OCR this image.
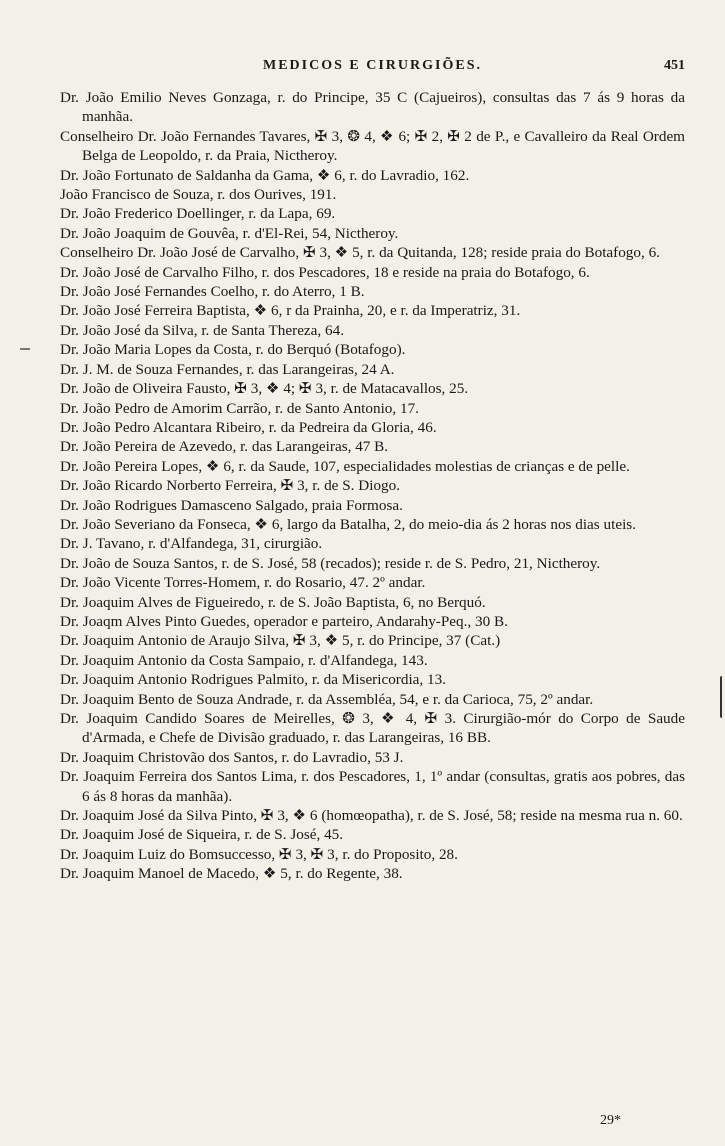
MEDICOS E CIRURGIÕES.	451
Dr. João Emilio Neves Gonzaga, r. do Principe, 35 C (Cajueiros), consultas das 7 ás 9 horas da manhãa.
Conselheiro Dr. João Fernandes Tavares, ✠ 3, ❂ 4, ❖ 6; ✠ 2, ✠ 2 de P., e Cavalleiro da Real Ordem Belga de Leopoldo, r. da Praia, Nictheroy.
Dr. João Fortunato de Saldanha da Gama, ❖ 6, r. do Lavradio, 162.
João Francisco de Souza, r. dos Ourives, 191.
Dr. João Frederico Doellinger, r. da Lapa, 69.
Dr. João Joaquim de Gouvêa, r. d'El-Rei, 54, Nictheroy.
Conselheiro Dr. João José de Carvalho, ✠ 3, ❖ 5, r. da Quitanda, 128; reside praia do Botafogo, 6.
Dr. João José de Carvalho Filho, r. dos Pescadores, 18 e reside na praia do Botafogo, 6.
Dr. João José Fernandes Coelho, r. do Aterro, 1 B.
Dr. João José Ferreira Baptista, ❖ 6, r da Prainha, 20, e r. da Imperatriz, 31.
Dr. João José da Silva, r. de Santa Thereza, 64.
Dr. João Maria Lopes da Costa, r. do Berquó (Botafogo).
Dr. J. M. de Souza Fernandes, r. das Larangeiras, 24 A.
Dr. João de Oliveira Fausto, ✠ 3, ❖ 4; ✠ 3, r. de Matacavallos, 25.
Dr. João Pedro de Amorim Carrão, r. de Santo Antonio, 17.
Dr. João Pedro Alcantara Ribeiro, r. da Pedreira da Gloria, 46.
Dr. João Pereira de Azevedo, r. das Larangeiras, 47 B.
Dr. João Pereira Lopes, ❖ 6, r. da Saude, 107, especialidades molestias de crianças e de pelle.
Dr. João Ricardo Norberto Ferreira, ✠ 3, r. de S. Diogo.
Dr. João Rodrigues Damasceno Salgado, praia Formosa.
Dr. João Severiano da Fonseca, ❖ 6, largo da Batalha, 2, do meio-dia ás 2 horas nos dias uteis.
Dr. J. Tavano, r. d'Alfandega, 31, cirurgião.
Dr. João de Souza Santos, r. de S. José, 58 (recados); reside r. de S. Pedro, 21, Nictheroy.
Dr. João Vicente Torres-Homem, r. do Rosario, 47. 2º andar.
Dr. Joaquim Alves de Figueiredo, r. de S. João Baptista, 6, no Berquó.
Dr. Joaqm Alves Pinto Guedes, operador e parteiro, Andarahy-Peq., 30 B.
Dr. Joaquim Antonio de Araujo Silva, ✠ 3, ❖ 5, r. do Principe, 37 (Cat.)
Dr. Joaquim Antonio da Costa Sampaio, r. d'Alfandega, 143.
Dr. Joaquim Antonio Rodrigues Palmito, r. da Misericordia, 13.
Dr. Joaquim Bento de Souza Andrade, r. da Assembléa, 54, e r. da Carioca, 75, 2º andar.
Dr. Joaquim Candido Soares de Meirelles, ❂ 3, ❖ 4, ✠ 3. Cirurgião-mór do Corpo de Saude d'Armada, e Chefe de Divisão graduado, r. das Larangeiras, 16 BB.
Dr. Joaquim Christovão dos Santos, r. do Lavradio, 53 J.
Dr. Joaquim Ferreira dos Santos Lima, r. dos Pescadores, 1, 1º andar (consultas, gratis aos pobres, das 6 ás 8 horas da manhãa).
Dr. Joaquim José da Silva Pinto, ✠ 3, ❖ 6 (homœopatha), r. de S. José, 58; reside na mesma rua n. 60.
Dr. Joaquim José de Siqueira, r. de S. José, 45.
Dr. Joaquim Luiz do Bomsuccesso, ✠ 3, ✠ 3, r. do Proposito, 28.
Dr. Joaquim Manoel de Macedo, ❖ 5, r. do Regente, 38.
29*
